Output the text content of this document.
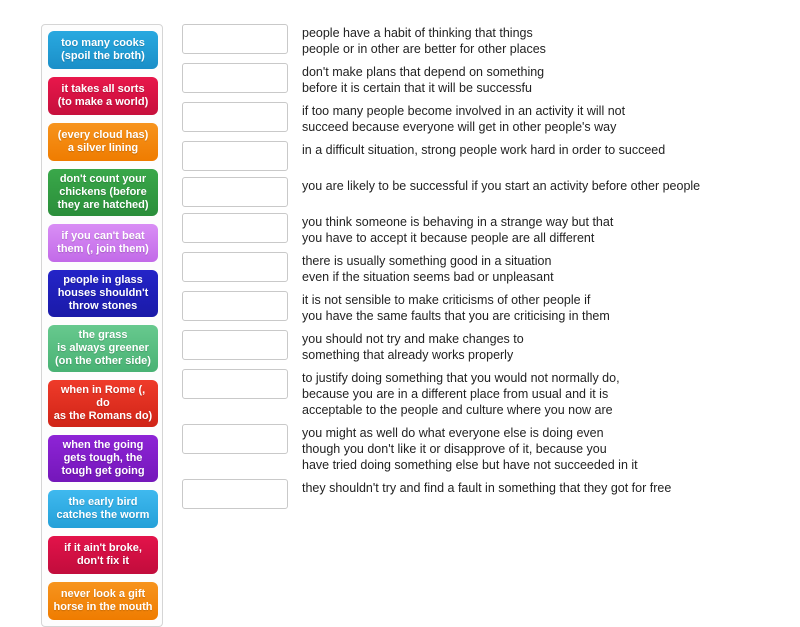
too many cooks
(spoil the broth)
it takes all sorts
(to make a world)
(every cloud has)
a silver lining
don't count your
chickens (before
they are hatched)
if you can't beat
them (, join them)
people in glass
houses shouldn't
throw stones
the grass
is always greener
(on the other side)
when in Rome (, do
as the Romans do)
when the going
gets tough, the
tough get going
the early bird
catches the worm
if it ain't broke,
don't fix it
never look a gift
horse in the mouth
people have a habit of thinking that things
people or in other are better for other places
don't make plans that depend on something
before it is certain that it will be successfu
if too many people become involved in an activity it will not
succeed because everyone will get in other people's way
in a difficult situation, strong people work hard in order to succeed
you are likely to be successful if you start an activity before other people
you think someone is behaving in a strange way but that
you have to accept it because people are all different
there is usually something good in a situation
even if the situation seems bad or unpleasant
it is not sensible to make criticisms of other people if
you have the same faults that you are criticising in them
you should not try and make changes to
something that already works properly
to justify doing something that you would not normally do,
because you are in a different place from usual and it is
acceptable to the people and culture where you now are
you might as well do what everyone else is doing even
though you don't like it or disapprove of it, because you
have tried doing something else but have not succeeded in it
they shouldn't try and find a fault in something that they got for free
